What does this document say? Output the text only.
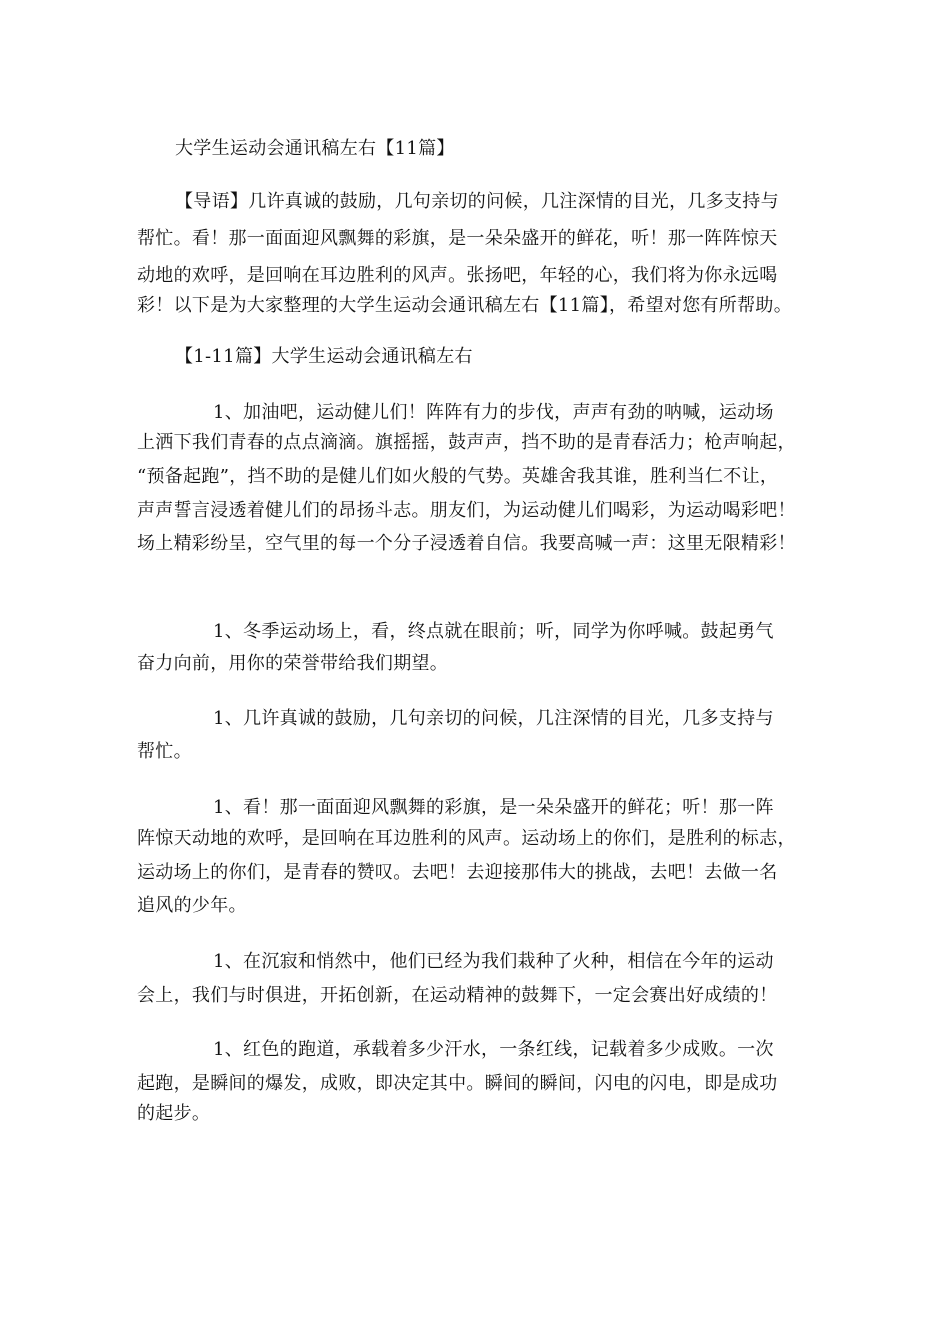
大学生运动会通讯稿左右【11篇】
【导语】几许真诚的鼓励，几句亲切的问候，几注深情的目光，几多支持与
帮忙。看！那一面面迎风飘舞的彩旗，是一朵朵盛开的鲜花，听！那一阵阵惊天
动地的欢呼，是回响在耳边胜利的风声。张扬吧，年轻的心，我们将为你永远喝
彩！以下是为大家整理的大学生运动会通讯稿左右【11篇】，希望对您有所帮助。
【1-11篇】大学生运动会通讯稿左右
1、加油吧，运动健儿们！阵阵有力的步伐，声声有劲的呐喊，运动场
上洒下我们青春的点点滴滴。旗摇摇，鼓声声，挡不助的是青春活力；枪声响起，
“预备起跑”，挡不助的是健儿们如火般的气势。英雄舍我其谁，胜利当仁不让，
声声誓言浸透着健儿们的昂扬斗志。朋友们，为运动健儿们喝彩，为运动喝彩吧！
场上精彩纷呈，空气里的每一个分子浸透着自信。我要高喊一声：这里无限精彩！
1、冬季运动场上，看，终点就在眼前；听，同学为你呼喊。鼓起勇气
奋力向前，用你的荣誉带给我们期望。
1、几许真诚的鼓励，几句亲切的问候，几注深情的目光，几多支持与
帮忙。
1、看！那一面面迎风飘舞的彩旗，是一朵朵盛开的鲜花；听！那一阵
阵惊天动地的欢呼，是回响在耳边胜利的风声。运动场上的你们，是胜利的标志，
运动场上的你们，是青春的赞叹。去吧！去迎接那伟大的挑战，去吧！去做一名
追风的少年。
1、在沉寂和悄然中，他们已经为我们栽种了火种，相信在今年的运动
会上，我们与时俱进，开拓创新，在运动精神的鼓舞下，一定会赛出好成绩的！
1、红色的跑道，承载着多少汗水，一条红线，记载着多少成败。一次
起跑，是瞬间的爆发，成败，即决定其中。瞬间的瞬间，闪电的闪电，即是成功
的起步。
